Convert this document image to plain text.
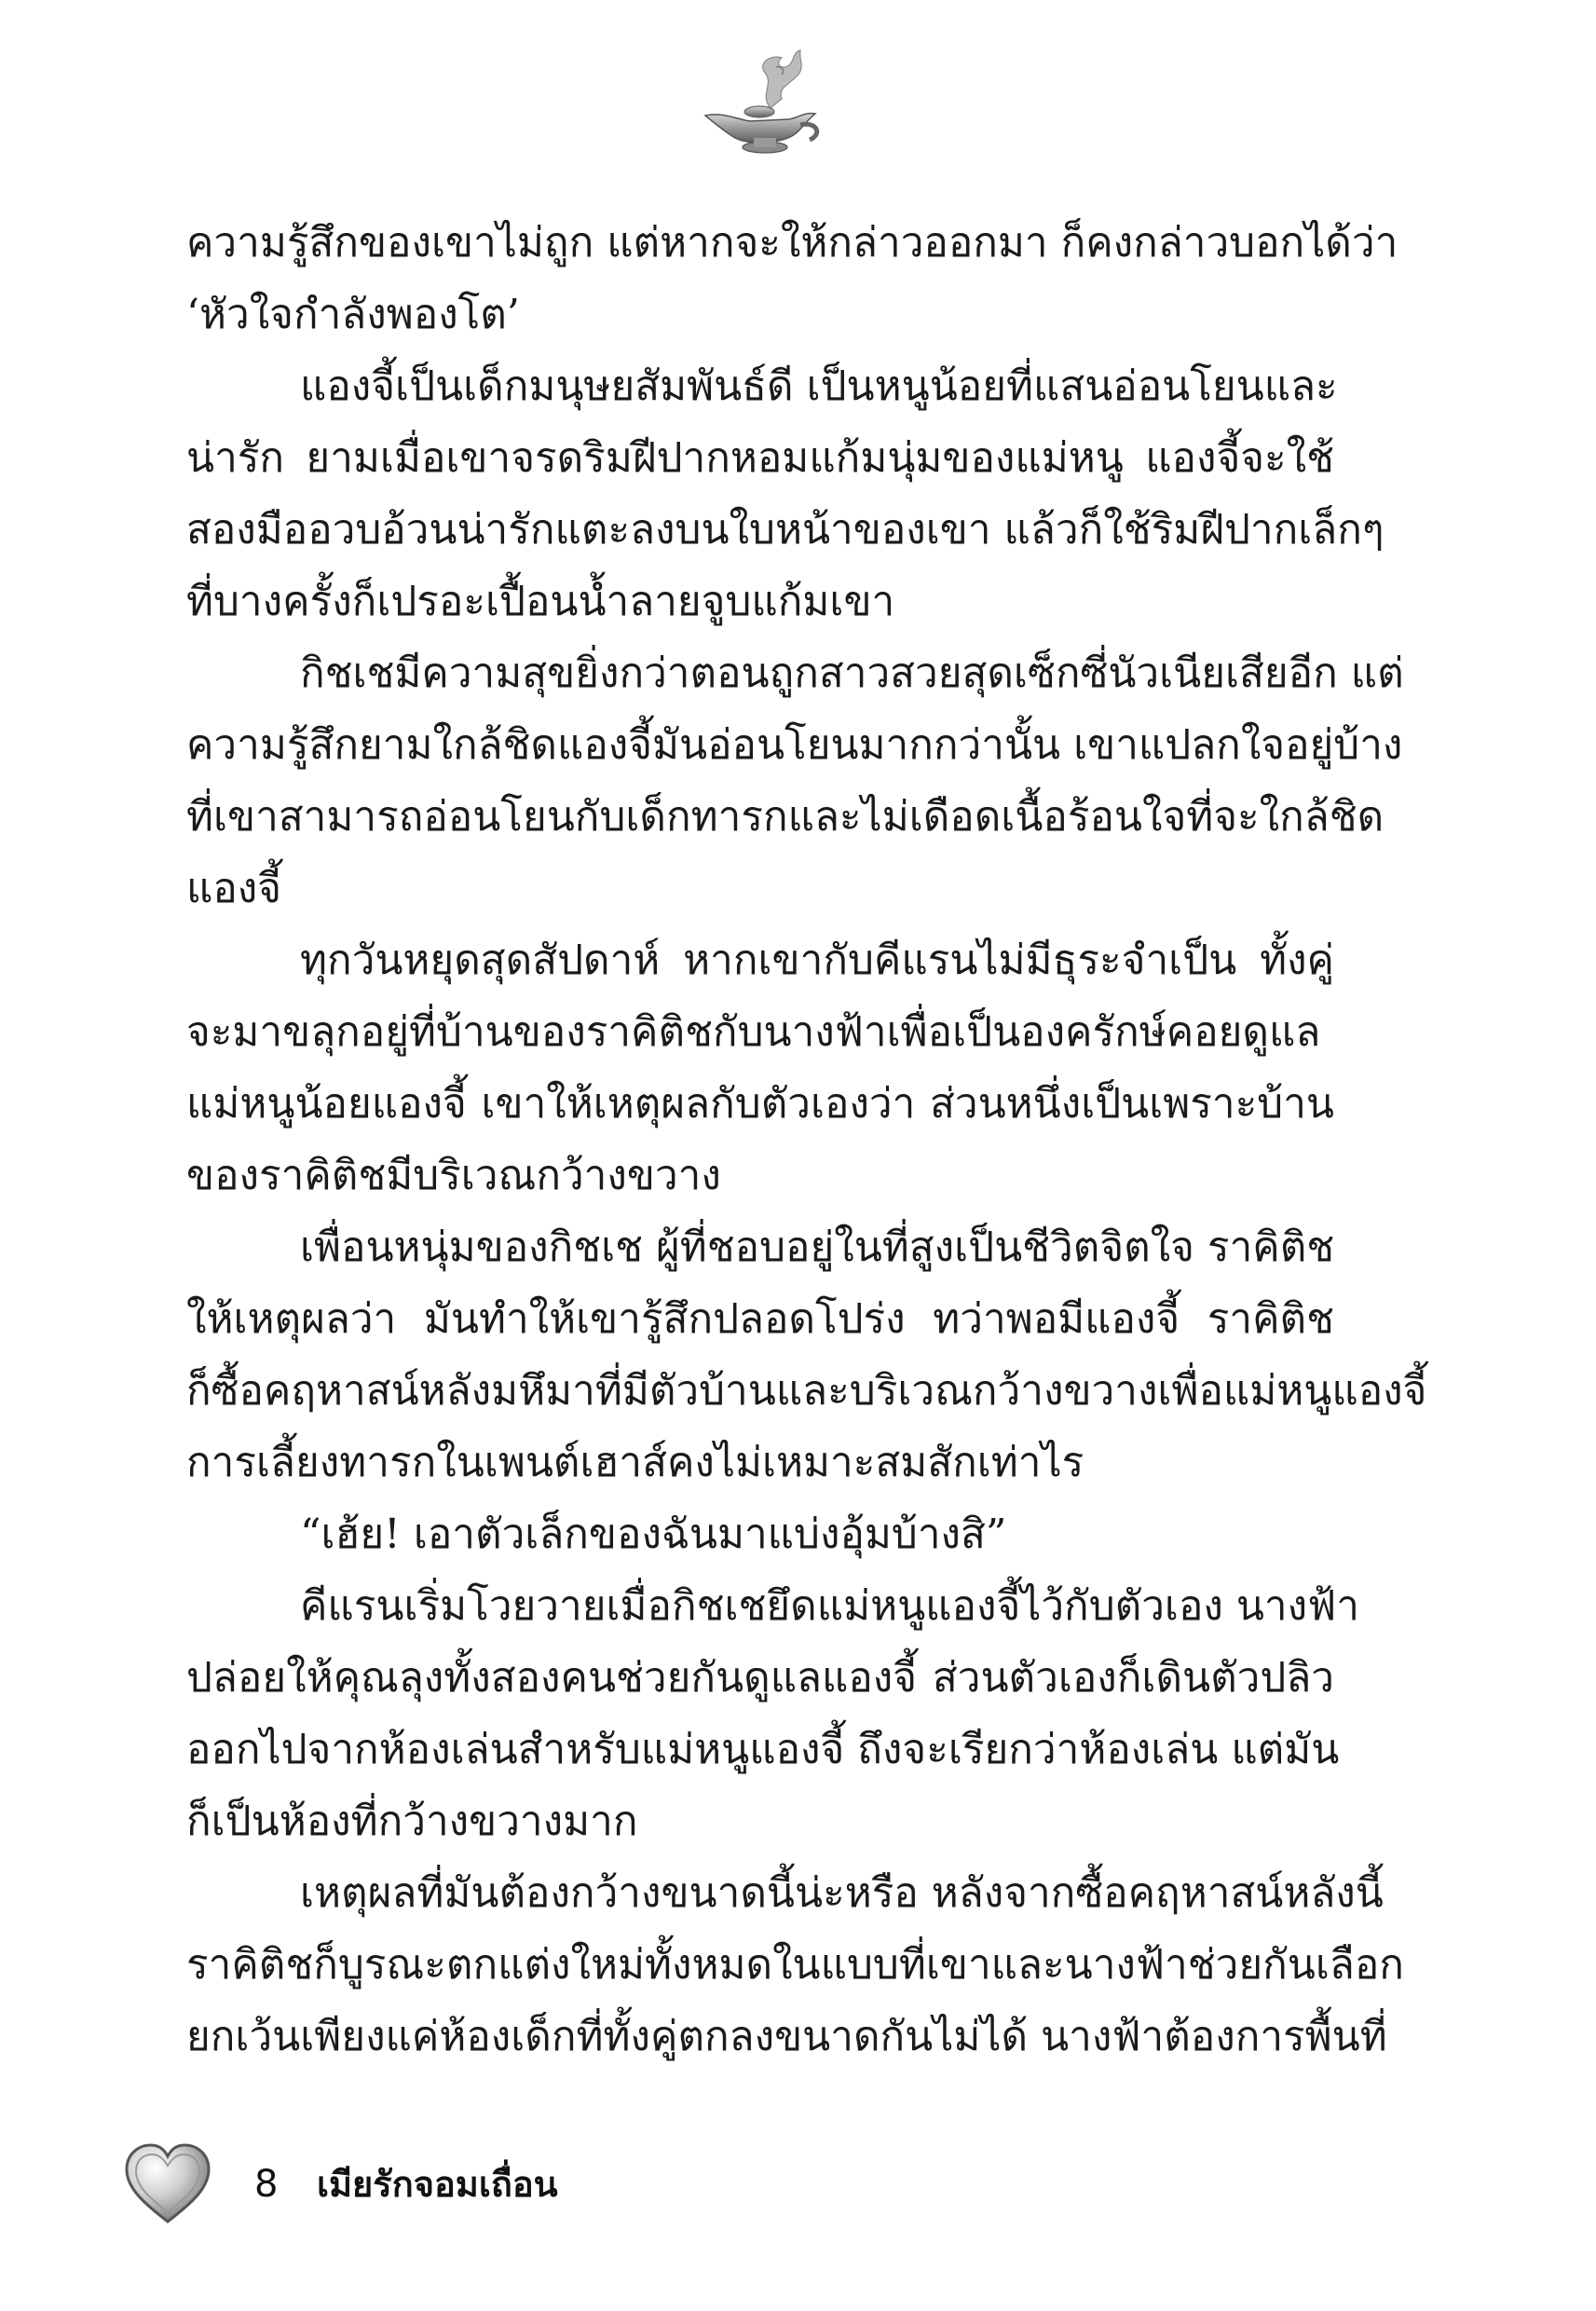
ความรู้สึกของเขาไม่ถูก แต่หากจะให้กล่าวออกมา ก็คงกล่าวบอกได้ว่า
‘หัวใจกำลังพองโต’
แองจี้เป็นเด็กมนุษยสัมพันธ์ดี เป็นหนูน้อยที่แสนอ่อนโยนและ
น่ารัก ยามเมื่อเขาจรดริมฝีปากหอมแก้มนุ่มของแม่หนู แองจี้จะใช้
สองมืออวบอ้วนน่ารักแตะลงบนใบหน้าของเขา แล้วก็ใช้ริมฝีปากเล็กๆ
ที่บางครั้งก็เปรอะเปื้อนน้ำลายจูบแก้มเขา
กิชเชมีความสุขยิ่งกว่าตอนถูกสาวสวยสุดเซ็กซี่นัวเนียเสียอีก แต่
ความรู้สึกยามใกล้ชิดแองจี้มันอ่อนโยนมากกว่านั้น เขาแปลกใจอยู่บ้าง
ที่เขาสามารถอ่อนโยนกับเด็กทารกและไม่เดือดเนื้อร้อนใจที่จะใกล้ชิด
แองจี้
ทุกวันหยุดสุดสัปดาห์ หากเขากับคีแรนไม่มีธุระจำเป็น ทั้งคู่
จะมาขลุกอยู่ที่บ้านของราคิติชกับนางฟ้าเพื่อเป็นองครักษ์คอยดูแล
แม่หนูน้อยแองจี้ เขาให้เหตุผลกับตัวเองว่า ส่วนหนึ่งเป็นเพราะบ้าน
ของราคิติชมีบริเวณกว้างขวาง
เพื่อนหนุ่มของกิชเช ผู้ที่ชอบอยู่ในที่สูงเป็นชีวิตจิตใจ ราคิติช
ให้เหตุผลว่า มันทำให้เขารู้สึกปลอดโปร่ง ทว่าพอมีแองจี้ ราคิติช
ก็ซื้อคฤหาสน์หลังมหึมาที่มีตัวบ้านและบริเวณกว้างขวางเพื่อแม่หนูแองจี้
การเลี้ยงทารกในเพนต์เฮาส์คงไม่เหมาะสมสักเท่าไร
“เฮ้ย! เอาตัวเล็กของฉันมาแบ่งอุ้มบ้างสิ”
คีแรนเริ่มโวยวายเมื่อกิชเชยึดแม่หนูแองจี้ไว้กับตัวเอง นางฟ้า
ปล่อยให้คุณลุงทั้งสองคนช่วยกันดูแลแองจี้ ส่วนตัวเองก็เดินตัวปลิว
ออกไปจากห้องเล่นสำหรับแม่หนูแองจี้ ถึงจะเรียกว่าห้องเล่น แต่มัน
ก็เป็นห้องที่กว้างขวางมาก
เหตุผลที่มันต้องกว้างขนาดนี้น่ะหรือ หลังจากซื้อคฤหาสน์หลังนี้
ราคิติชก็บูรณะตกแต่งใหม่ทั้งหมดในแบบที่เขาและนางฟ้าช่วยกันเลือก
ยกเว้นเพียงแค่ห้องเด็กที่ทั้งคู่ตกลงขนาดกันไม่ได้ นางฟ้าต้องการพื้นที่
8 เมียรักจอมเถื่อน
